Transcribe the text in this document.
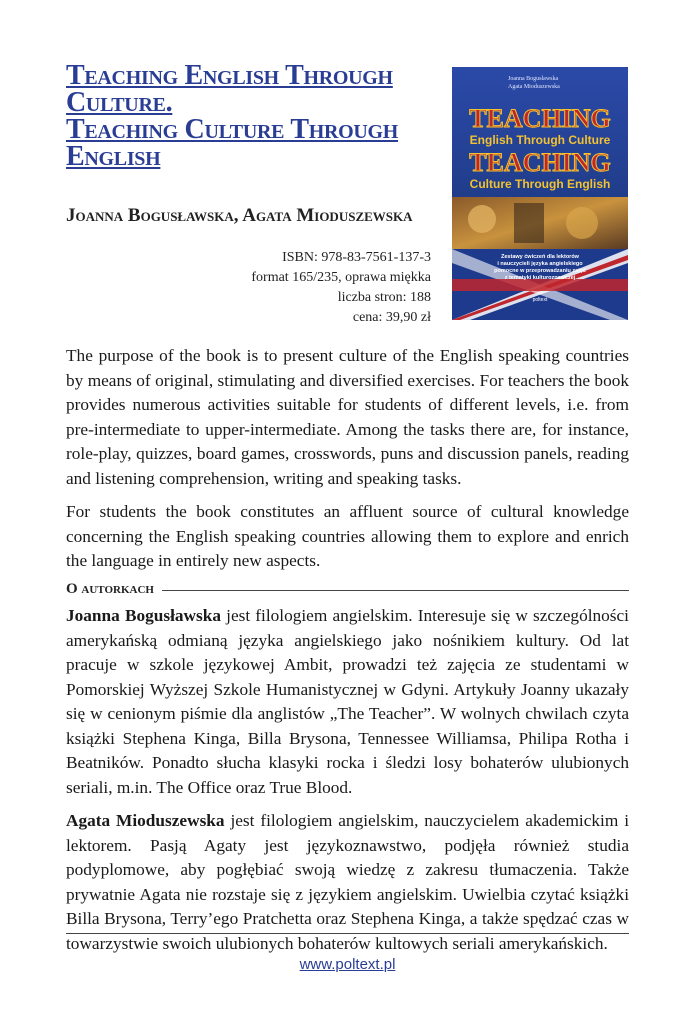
Teaching English Through
Culture.
Teaching Culture Through
English
Joanna Bogusławska, Agata Mioduszewska
ISBN: 978-83-7561-137-3
format 165/235, oprawa miękka
liczba stron: 188
cena: 39,90 zł
Joanna Bogusławska
Agata Mioduszewska
TEACHING
English Through Culture
TEACHING
Culture Through English
Zestawy ćwiczeń dla lektorów
i nauczycieli języka angielskiego
pomocne w przeprowadzaniu zajęć
z tematyki kulturoznawczej
poltext

The purpose of the book is to present culture of the English speaking countries by means of original, stimulating and diversified exercises. For teachers the book provides numerous activities suitable for students of different levels, i.e. from pre-intermediate to upper-intermediate. Among the tasks there are, for instance, role-play, quizzes, board games, crosswords, puns and discussion panels, reading and listening comprehension, writing and speaking tasks.

For students the book constitutes an affluent source of cultural knowledge concerning the English speaking countries allowing them to explore and enrich the language in entirely new aspects.

O autorkach

Joanna Bogusławska jest filologiem angielskim. Interesuje się w szczególności amerykańską odmianą języka angielskiego jako nośnikiem kultury. Od lat pracuje w szkole językowej Ambit, prowadzi też zajęcia ze studentami w Pomorskiej Wyższej Szkole Humanistycznej w Gdyni. Artykuły Joanny ukazały się w cenionym piśmie dla anglistów „The Teacher”. W wolnych chwilach czyta książki Stephena Kinga, Billa Brysona, Tennessee Williamsa, Philipa Rotha i Beatników. Ponadto słucha klasyki rocka i śledzi losy bohaterów ulubionych seriali, m.in. The Office oraz True Blood.

Agata Mioduszewska jest filologiem angielskim, nauczycielem akademickim i lektorem. Pasją Agaty jest językoznawstwo, podjęła również studia podyplomowe, aby pogłębiać swoją wiedzę z zakresu tłumaczenia. Także prywatnie Agata nie rozstaje się z językiem angielskim. Uwielbia czytać książki Billa Brysona, Terry’ego Pratchetta oraz Stephena Kinga, a także spędzać czas w towarzystwie swoich ulubionych bohaterów kultowych seriali amerykańskich.

www.poltext.pl
